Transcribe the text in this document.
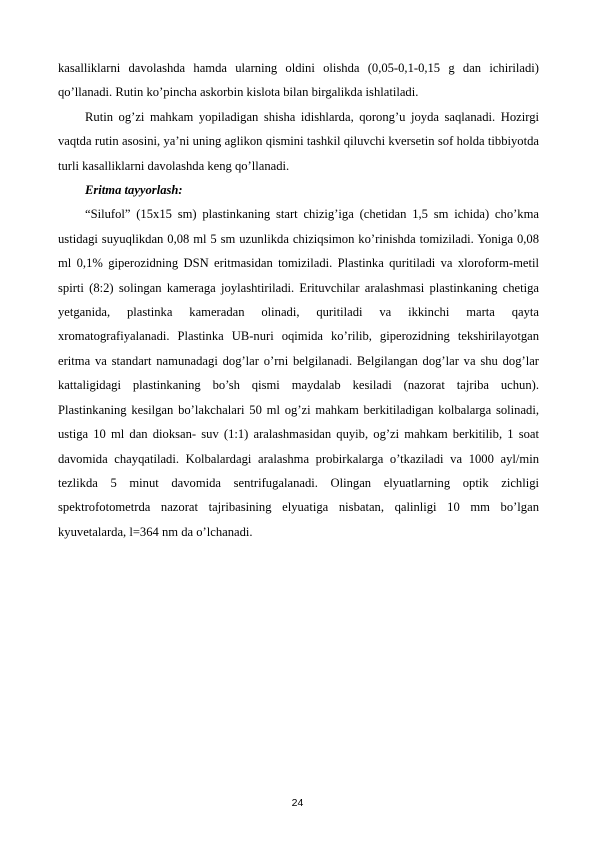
kasalliklarni davolashda hamda ularning oldini olishda (0,05-0,1-0,15 g dan ichiriladi) qo’llanadi. Rutin ko’pincha askorbin kislota bilan birgalikda ishlatiladi.

Rutin og’zi mahkam yopiladigan shisha idishlarda, qorong’u joyda saqlanadi. Hozirgi vaqtda rutin asosini, ya’ni uning aglikon qismini tashkil qiluvchi kversetin sof holda tibbiyotda turli kasalliklarni davolashda keng qo’llanadi.

Eritma tayyorlash:

“Silufol” (15x15 sm) plastinkaning start chizig’iga (chetidan 1,5 sm ichida) cho’kma ustidagi suyuqlikdan 0,08 ml 5 sm uzunlikda chiziqsimon ko’rinishda tomiziladi. Yoniga 0,08 ml 0,1% giperozidning DSN eritmasidan tomiziladi. Plastinka quritiladi va xloroform-metil spirti (8:2) solingan kameraga joylashtiriladi. Erituvchilar aralashmasi plastinkaning chetiga yetganida, plastinka kameradan olinadi, quritiladi va ikkinchi marta qayta xromatografiyalanadi. Plastinka UB-nuri oqimida ko’rilib, giperozidning tekshirilayotgan eritma va standart namunadagi dog’lar o’rni belgilanadi. Belgilangan dog’lar va shu dog’lar kattaligidagi plastinkaning bo’sh qismi maydalab kesiladi (nazorat tajriba uchun). Plastinkaning kesilgan bo’lakchalari 50 ml og’zi mahkam berkitiladigan kolbalarga solinadi, ustiga 10 ml dan dioksan- suv (1:1) aralashmasidan quyib, og’zi mahkam berkitilib, 1 soat davomida chayqatiladi. Kolbalardagi aralashma probirkalarga o’tkaziladi va 1000 ayl/min tezlikda 5 minut davomida sentrifugalanadi. Olingan elyuatlarning optik zichligi spektrofotometrda nazorat tajribasining elyuatiga nisbatan, qalinligi 10 mm bo’lgan kyuvetalarda, l=364 nm da o’lchanadi.

24
